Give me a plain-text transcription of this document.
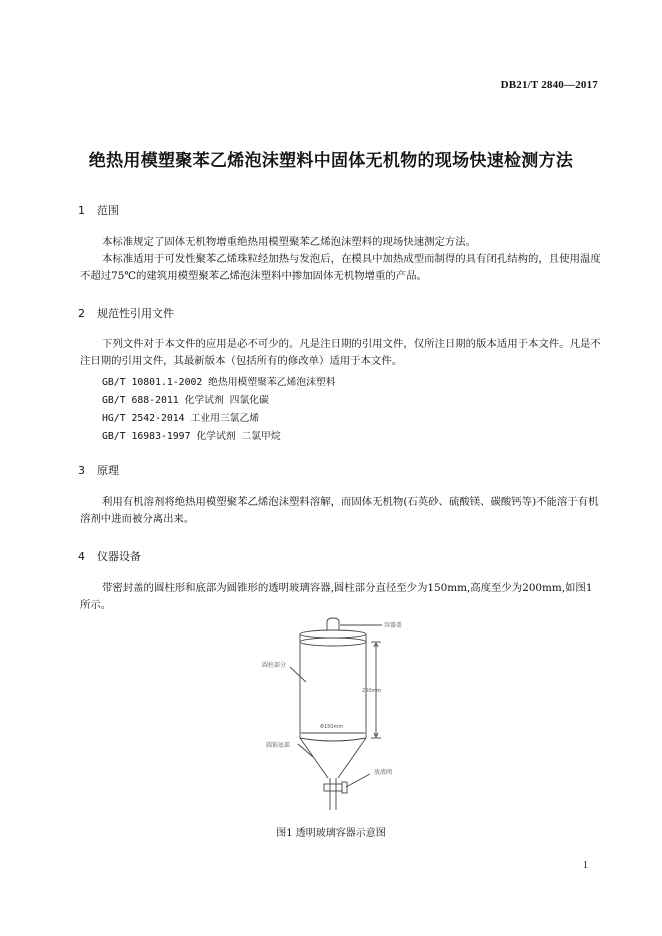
DB21/T 2840—2017
绝热用模塑聚苯乙烯泡沫塑料中固体无机物的现场快速检测方法
1 范围
本标准规定了固体无机物增重绝热用模塑聚苯乙烯泡沫塑料的现场快速测定方法。
本标准适用于可发性聚苯乙烯珠粒经加热与发泡后，在模具中加热成型而制得的具有闭孔结构的，且使用温度不超过75℃的建筑用模塑聚苯乙烯泡沫塑料中掺加固体无机物增重的产品。
2 规范性引用文件
下列文件对于本文件的应用是必不可少的。凡是注日期的引用文件，仅所注日期的版本适用于本文件。凡是不注日期的引用文件，其最新版本（包括所有的修改单）适用于本文件。
GB/T 10801.1-2002 绝热用模塑聚苯乙烯泡沫塑料
GB/T 688-2011 化学试剂 四氯化碳
HG/T 2542-2014 工业用三氯乙烯
GB/T 16983-1997 化学试剂 二氯甲烷
3 原理
利用有机溶剂将绝热用模塑聚苯乙烯泡沫塑料溶解，而固体无机物(石英砂、硫酸镁、碳酸钙等)不能溶于有机溶剂中进而被分离出来。
4 仪器设备
带密封盖的圆柱形和底部为圆锥形的透明玻璃容器,圆柱部分直径至少为150mm,高度至少为200mm,如图1所示。
容器盖
圆柱部分
200mm
Φ150mm
圆锥底部
放液阀
图1 透明玻璃容器示意图
1
